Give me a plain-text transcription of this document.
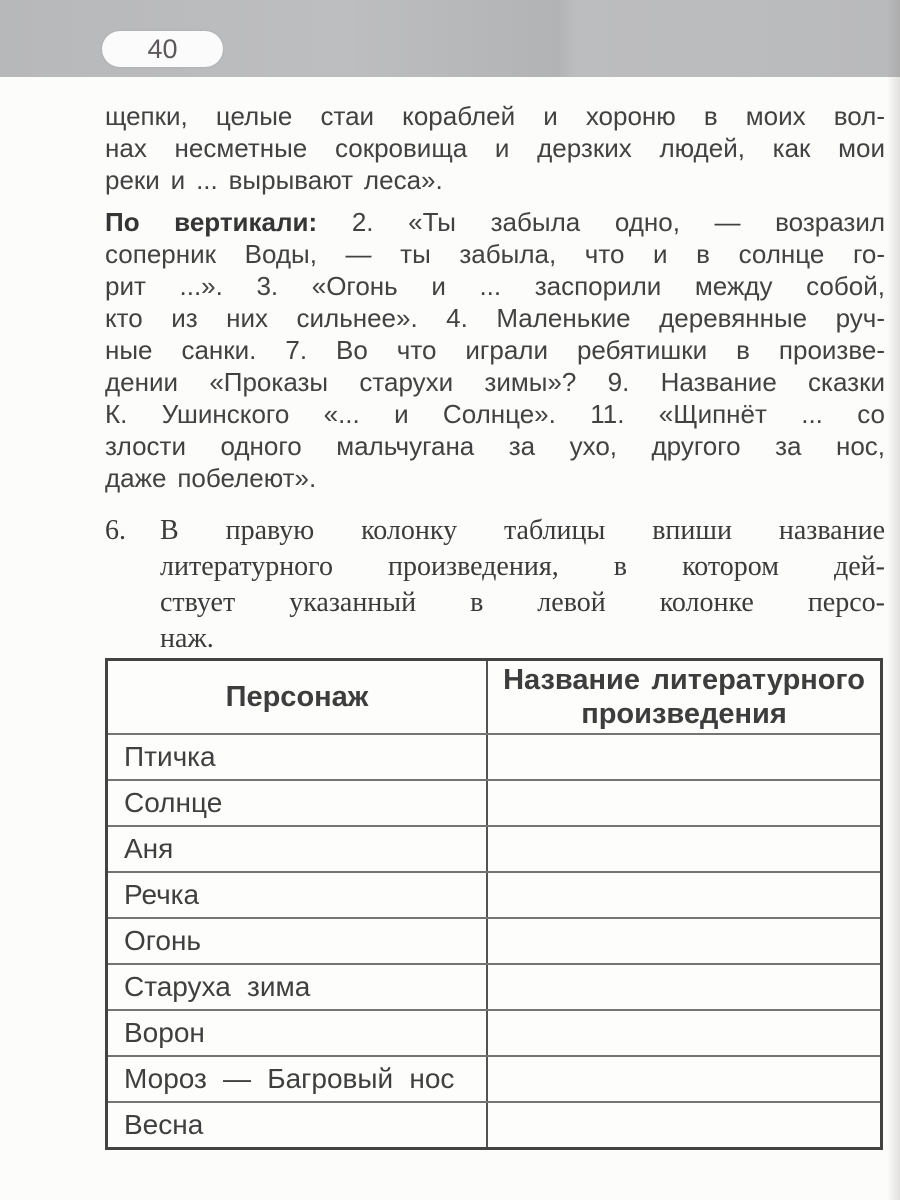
40
щепки, целые стаи кораблей и хороню в моих вол-
нах несметные сокровища и дерзких людей, как мои
реки и ... вырывают леса».
По вертикали: 2. «Ты забыла одно, — возразил
соперник Воды, — ты забыла, что и в солнце го-
рит ...». 3. «Огонь и ... заспорили между собой,
кто из них сильнее». 4. Маленькие деревянные руч-
ные санки. 7. Во что играли ребятишки в произве-
дении «Проказы старухи зимы»? 9. Название сказки
К. Ушинского «... и Солнце». 11. «Щипнёт ... со
злости одного мальчугана за ухо, другого за нос,
даже побелеют».
6.	В правую колонку таблицы впиши название
литературного произведения, в котором дей-
ствует указанный в левой колонке персо-
наж.
Персонаж
Название литературного
произведения
Птичка
Солнце
Аня
Речка
Огонь
Старуха зима
Ворон
Мороз — Багровый нос
Весна
